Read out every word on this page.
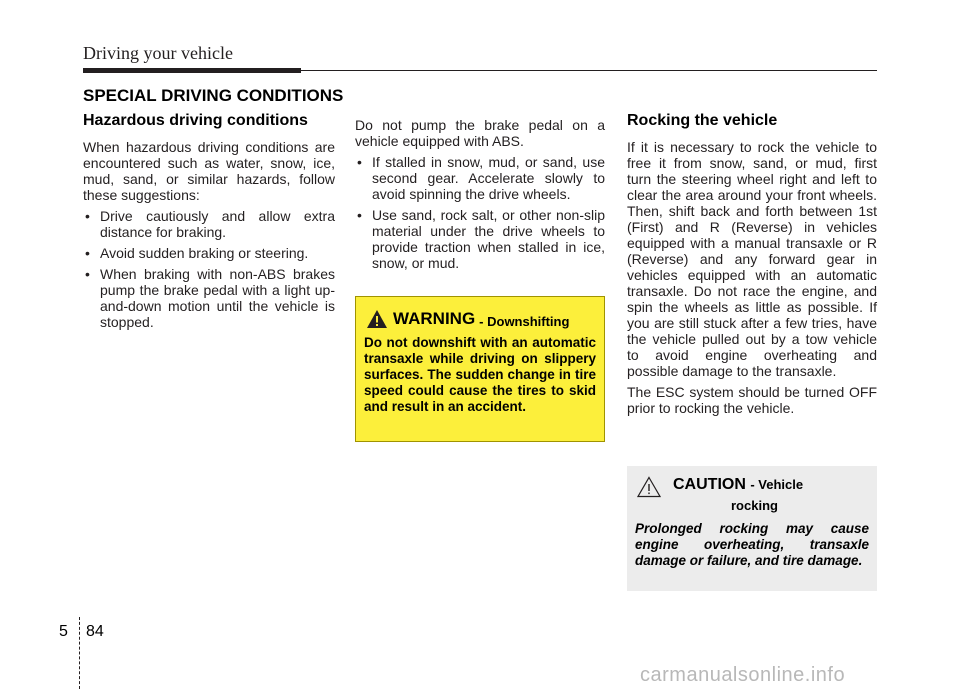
Driving your vehicle
SPECIAL DRIVING CONDITIONS
Hazardous driving conditions

When hazardous driving conditions are encountered such as water, snow, ice, mud, sand, or similar hazards, follow these suggestions:

• Drive cautiously and allow extra distance for braking.
• Avoid sudden braking or steering.
• When braking with non-ABS brakes pump the brake pedal with a light up-and-down motion until the vehicle is stopped.

Do not pump the brake pedal on a vehicle equipped with ABS.

• If stalled in snow, mud, or sand, use second gear. Accelerate slowly to avoid spinning the drive wheels.
• Use sand, rock salt, or other non-slip material under the drive wheels to provide traction when stalled in ice, snow, or mud.
WARNING - Downshifting
Do not downshift with an automatic transaxle while driving on slippery surfaces. The sudden change in tire speed could cause the tires to skid and result in an accident.
Rocking the vehicle

If it is necessary to rock the vehicle to free it from snow, sand, or mud, first turn the steering wheel right and left to clear the area around your front wheels. Then, shift back and forth between 1st (First) and R (Reverse) in vehicles equipped with a manual transaxle or R (Reverse) and any forward gear in vehicles equipped with an automatic transaxle. Do not race the engine, and spin the wheels as little as possible. If you are still stuck after a few tries, have the vehicle pulled out by a tow vehicle to avoid engine overheating and possible damage to the transaxle.

The ESC system should be turned OFF prior to rocking the vehicle.

CAUTION - Vehicle
rocking
Prolonged rocking may cause engine overheating, transaxle damage or failure, and tire damage.
5 84
carmanualsonline.info
